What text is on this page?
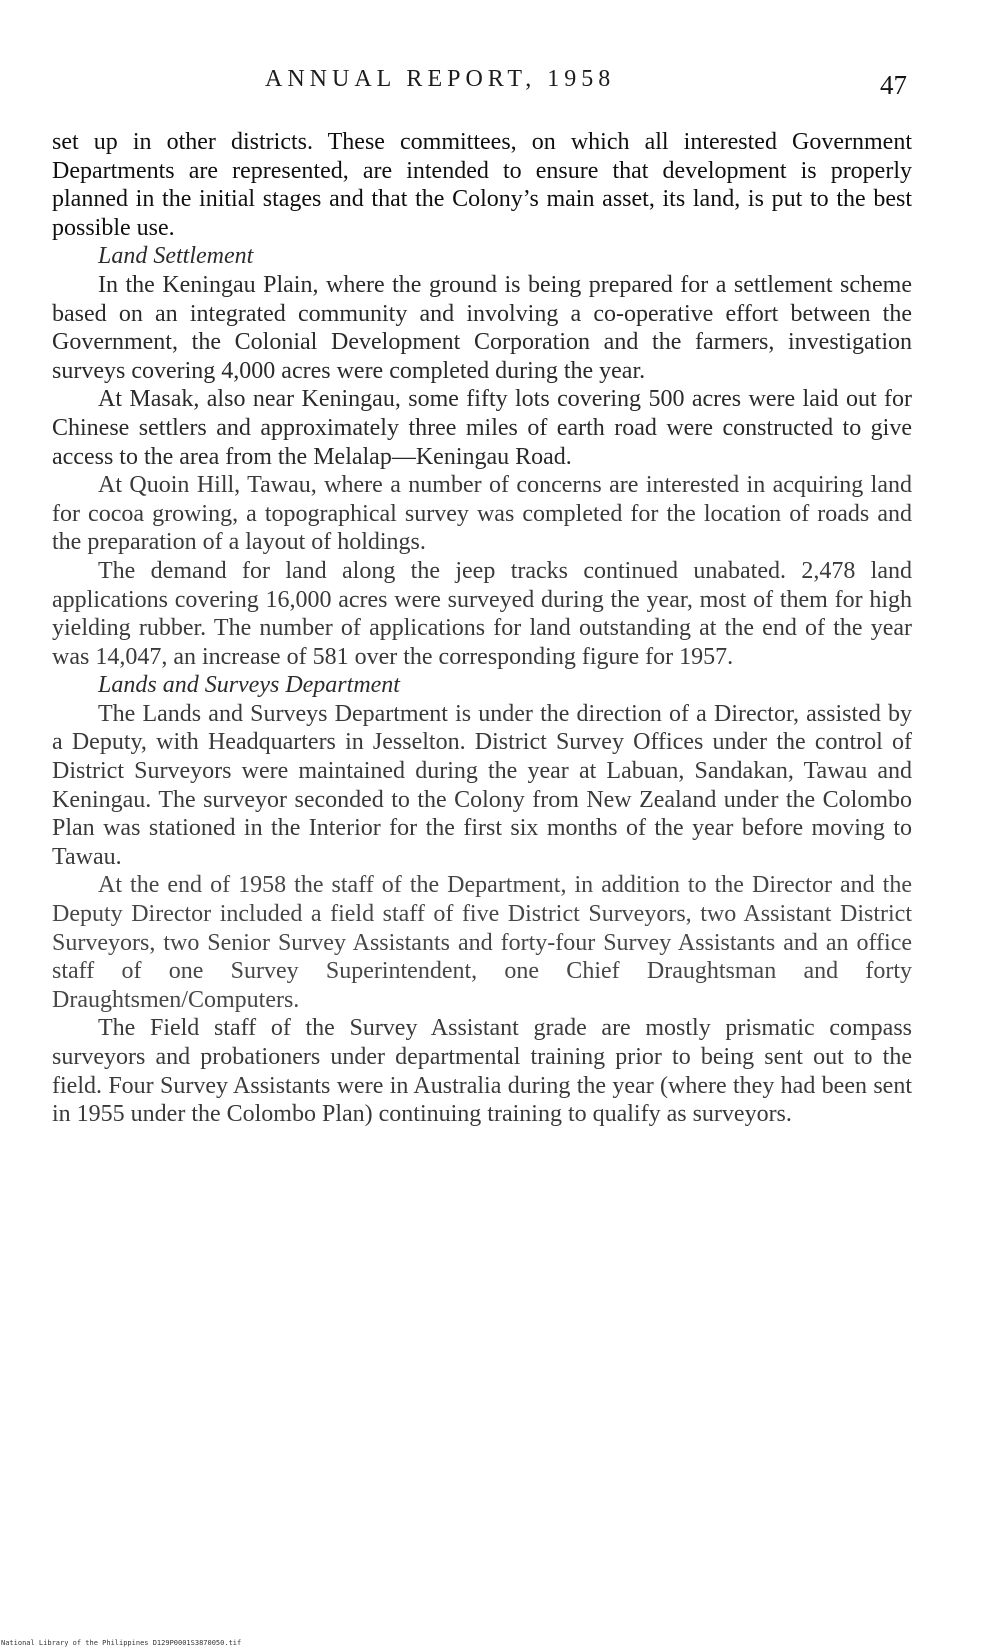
ANNUAL REPORT, 1958	47

set up in other districts. These committees, on which all interested Government Departments are represented, are intended to ensure that development is properly planned in the initial stages and that the Colony’s main asset, its land, is put to the best possible use.

Land Settlement

In the Keningau Plain, where the ground is being prepared for a settlement scheme based on an integrated community and involving a co-operative effort between the Government, the Colonial Development Corporation and the farmers, investigation surveys covering 4,000 acres were completed during the year.

At Masak, also near Keningau, some fifty lots covering 500 acres were laid out for Chinese settlers and approximately three miles of earth road were constructed to give access to the area from the Melalap—Keningau Road.

At Quoin Hill, Tawau, where a number of concerns are interested in acquiring land for cocoa growing, a topographical survey was completed for the location of roads and the preparation of a layout of holdings.

The demand for land along the jeep tracks continued unabated. 2,478 land applications covering 16,000 acres were surveyed during the year, most of them for high yielding rubber. The number of applications for land outstanding at the end of the year was 14,047, an increase of 581 over the corresponding figure for 1957.

Lands and Surveys Department

The Lands and Surveys Department is under the direction of a Director, assisted by a Deputy, with Headquarters in Jesselton. District Survey Offices under the control of District Surveyors were maintained during the year at Labuan, Sandakan, Tawau and Keningau. The surveyor seconded to the Colony from New Zealand under the Colombo Plan was stationed in the Interior for the first six months of the year before moving to Tawau.

At the end of 1958 the staff of the Department, in addition to the Director and the Deputy Director included a field staff of five District Surveyors, two Assistant District Surveyors, two Senior Survey Assistants and forty-four Survey Assistants and an office staff of one Survey Superintendent, one Chief Draughtsman and forty Draughtsmen/Computers.

The Field staff of the Survey Assistant grade are mostly prismatic compass surveyors and probationers under departmental training prior to being sent out to the field. Four Survey Assistants were in Australia during the year (where they had been sent in 1955 under the Colombo Plan) continuing training to qualify as surveyors.

National Library of the Philippines D129P0001S3870050.tif
